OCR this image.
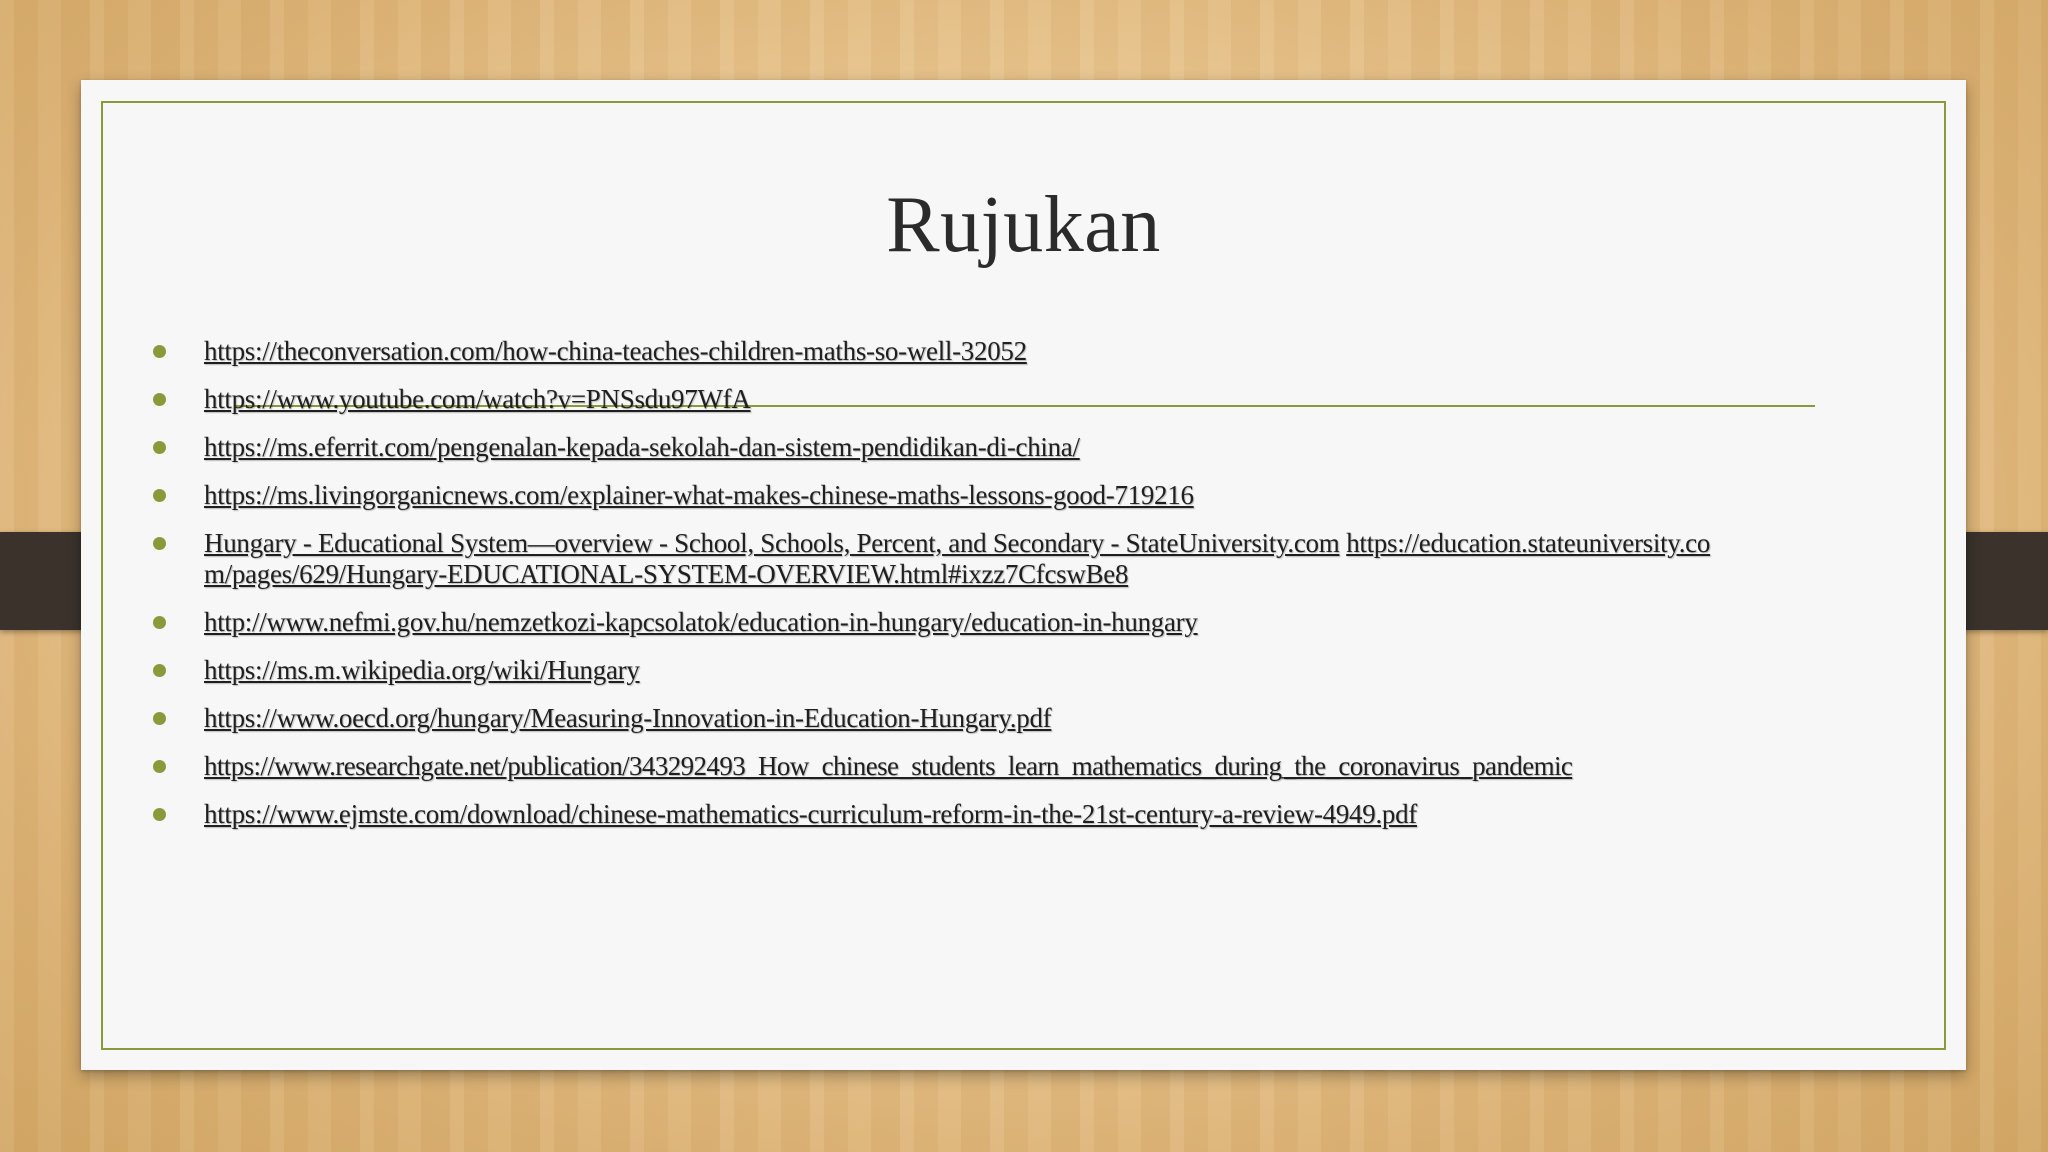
Rujukan
https://theconversation.com/how-china-teaches-children-maths-so-well-32052
https://www.youtube.com/watch?v=PNSsdu97WfA
https://ms.eferrit.com/pengenalan-kepada-sekolah-dan-sistem-pendidikan-di-china/
https://ms.livingorganicnews.com/explainer-what-makes-chinese-maths-lessons-good-719216
Hungary - Educational System—overview - School, Schools, Percent, and Secondary - StateUniversity.com https://education.stateuniversity.com/pages/629/Hungary-EDUCATIONAL-SYSTEM-OVERVIEW.html#ixzz7CfcswBe8
http://www.nefmi.gov.hu/nemzetkozi-kapcsolatok/education-in-hungary/education-in-hungary
https://ms.m.wikipedia.org/wiki/Hungary
https://www.oecd.org/hungary/Measuring-Innovation-in-Education-Hungary.pdf
https://www.researchgate.net/publication/343292493_How_chinese_students_learn_mathematics_during_the_coronavirus_pandemic
https://www.ejmste.com/download/chinese-mathematics-curriculum-reform-in-the-21st-century-a-review-4949.pdf
